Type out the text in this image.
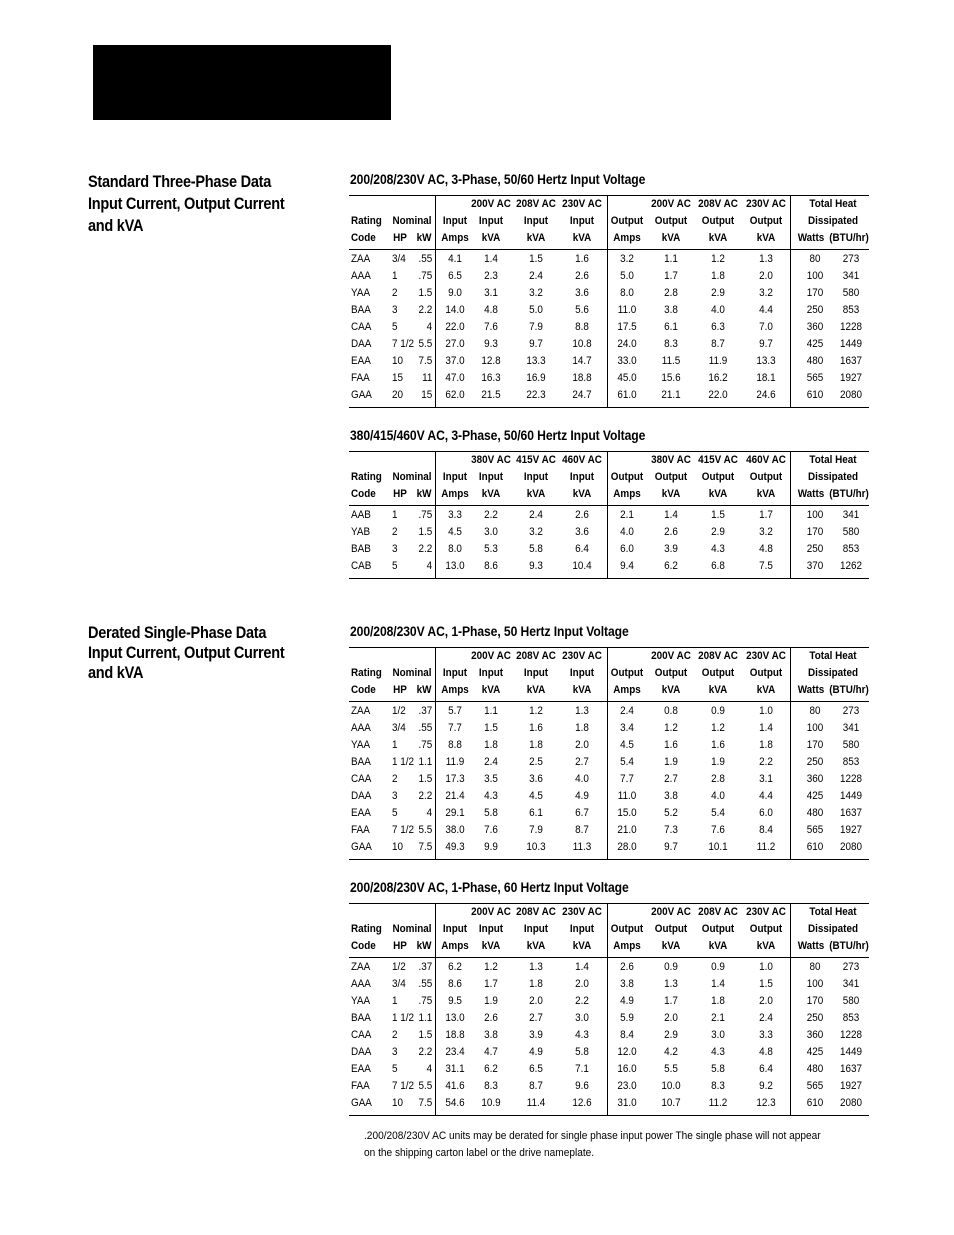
Standard Three-Phase Data
Input Current, Output Current
and kVA
Derated Single-Phase Data
Input Current, Output Current
and kVA
200/208/230V AC, 3-Phase, 50/60 Hertz Input Voltage
200V AC 208V AC 230V AC	200V AC 208V AC 230V AC	Total Heat
Rating Nominal	Input	Input	Input	Input	Output	Output	Output	Output	Dissipated
Code	HP kW Amps	kVA	kVA	kVA	Amps	kVA	kVA	kVA	Watts (BTU/hr)
ZAA 3/4 .55	4.1	1.4	1.5	1.6	3.2	1.1	1.2	1.3	80	273
AAA 1 .75	6.5	2.3	2.4	2.6	5.0	1.7	1.8	2.0	100	341
YAA 2 1.5	9.0	3.1	3.2	3.6	8.0	2.8	2.9	3.2	170	580
BAA 3 2.2	14.0	4.8	5.0	5.6	11.0	3.8	4.0	4.4	250	853
CAA 5	4	22.0	7.6	7.9	8.8	17.5	6.1	6.3	7.0	360	1228
DAA 7 1/2 5.5	27.0	9.3	9.7	10.8	24.0	8.3	8.7	9.7	425	1449
EAA 10 7.5	37.0	12.8	13.3	14.7	33.0	11.5	11.9	13.3	480	1637
FAA 15 11	47.0	16.3	16.9	18.8	45.0	15.6	16.2	18.1	565	1927
GAA 20 15	62.0	21.5	22.3	24.7	61.0	21.1	22.0	24.6	610	2080
380/415/460V AC, 3-Phase, 50/60 Hertz Input Voltage
380V AC 415V AC 460V AC	380V AC 415V AC 460V AC	Total Heat
Rating Nominal	Input	Input	Input	Input	Output	Output	Output	Output	Dissipated
Code	HP kW Amps	kVA	kVA	kVA	Amps	kVA	kVA	kVA	Watts (BTU/hr)
AAB 1 .75	3.3	2.2	2.4	2.6	2.1	1.4	1.5	1.7	100	341
YAB 2 1.5	4.5	3.0	3.2	3.6	4.0	2.6	2.9	3.2	170	580
BAB 3 2.2	8.0	5.3	5.8	6.4	6.0	3.9	4.3	4.8	250	853
CAB 5	4	13.0	8.6	9.3	10.4	9.4	6.2	6.8	7.5	370	1262
200/208/230V AC, 1-Phase, 50 Hertz Input Voltage
200V AC 208V AC 230V AC	200V AC 208V AC 230V AC	Total Heat
Rating Nominal	Input	Input	Input	Input	Output	Output	Output	Output	Dissipated
Code	HP kW Amps	kVA	kVA	kVA	Amps	kVA	kVA	kVA	Watts (BTU/hr)
ZAA 1/2 .37	5.7	1.1	1.2	1.3	2.4	0.8	0.9	1.0	80	273
AAA 3/4 .55	7.7	1.5	1.6	1.8	3.4	1.2	1.2	1.4	100	341
YAA 1 .75	8.8	1.8	1.8	2.0	4.5	1.6	1.6	1.8	170	580
BAA 1 1/2 1.1	11.9	2.4	2.5	2.7	5.4	1.9	1.9	2.2	250	853
CAA 2 1.5	17.3	3.5	3.6	4.0	7.7	2.7	2.8	3.1	360	1228
DAA 3 2.2	21.4	4.3	4.5	4.9	11.0	3.8	4.0	4.4	425	1449
EAA 5	4	29.1	5.8	6.1	6.7	15.0	5.2	5.4	6.0	480	1637
FAA 7 1/2 5.5	38.0	7.6	7.9	8.7	21.0	7.3	7.6	8.4	565	1927
GAA 10 7.5	49.3	9.9	10.3	11.3	28.0	9.7	10.1	11.2	610	2080
200/208/230V AC, 1-Phase, 60 Hertz Input Voltage
200V AC 208V AC 230V AC	200V AC 208V AC 230V AC	Total Heat
Rating Nominal	Input	Input	Input	Input	Output	Output	Output	Output	Dissipated
Code	HP kW Amps	kVA	kVA	kVA	Amps	kVA	kVA	kVA	Watts (BTU/hr)
ZAA 1/2 .37	6.2	1.2	1.3	1.4	2.6	0.9	0.9	1.0	80	273
AAA 3/4 .55	8.6	1.7	1.8	2.0	3.8	1.3	1.4	1.5	100	341
YAA 1 .75	9.5	1.9	2.0	2.2	4.9	1.7	1.8	2.0	170	580
BAA 1 1/2 1.1	13.0	2.6	2.7	3.0	5.9	2.0	2.1	2.4	250	853
CAA 2 1.5	18.8	3.8	3.9	4.3	8.4	2.9	3.0	3.3	360	1228
DAA 3 2.2	23.4	4.7	4.9	5.8	12.0	4.2	4.3	4.8	425	1449
EAA 5	4	31.1	6.2	6.5	7.1	16.0	5.5	5.8	6.4	480	1637
FAA 7 1/2 5.5	41.6	8.3	8.7	9.6	23.0	10.0	8.3	9.2	565	1927
GAA 10 7.5	54.6	10.9	11.4	12.6	31.0	10.7	11.2	12.3	610	2080
.200/208/230V AC units may be derated for single phase input power The single phase will not appear on the shipping carton label or the drive nameplate.
